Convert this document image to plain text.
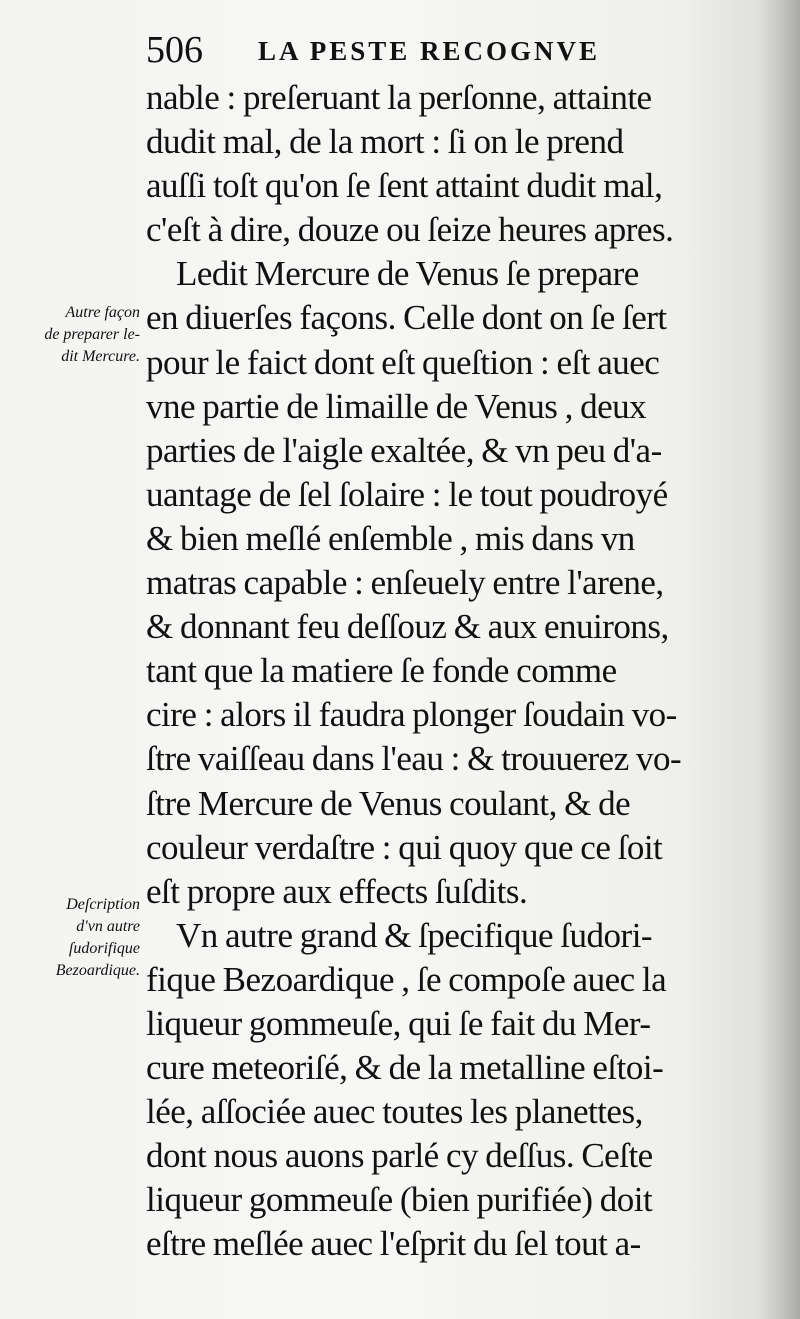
506 LA PESTE RECOGNVE
Autre façon
de preparer le-
dit Mercure.
Deſcription
d'vn autre
ſudorifique
Bezoardique.
nable : preſeruant la perſonne, attainte
dudit mal, de la mort : ſi on le prend
auſſi toſt qu'on ſe ſent attaint dudit mal,
c'eſt à dire, douze ou ſeize heures apres.
Ledit Mercure de Venus ſe prepare
en diuerſes façons. Celle dont on ſe ſert
pour le faict dont eſt queſtion : eſt auec
vne partie de limaille de Venus , deux
parties de l'aigle exaltée, & vn peu d'a-
uantage de ſel ſolaire : le tout poudroyé
& bien meſlé enſemble , mis dans vn
matras capable : enſeuely entre l'arene,
& donnant feu deſſouz & aux enuirons,
tant que la matiere ſe fonde comme
cire : alors il faudra plonger ſoudain vo-
ſtre vaiſſeau dans l'eau : & trouuerez vo-
ſtre Mercure de Venus coulant, & de
couleur verdaſtre : qui quoy que ce ſoit
eſt propre aux effects ſuſdits.
Vn autre grand & ſpecifique ſudori-
fique Bezoardique , ſe compoſe auec la
liqueur gommeuſe, qui ſe fait du Mer-
cure meteoriſé, & de la metalline eſtoi-
lée, aſſociée auec toutes les planettes,
dont nous auons parlé cy deſſus. Ceſte
liqueur gommeuſe (bien purifiée) doit
eſtre meſlée auec l'eſprit du ſel tout a-
